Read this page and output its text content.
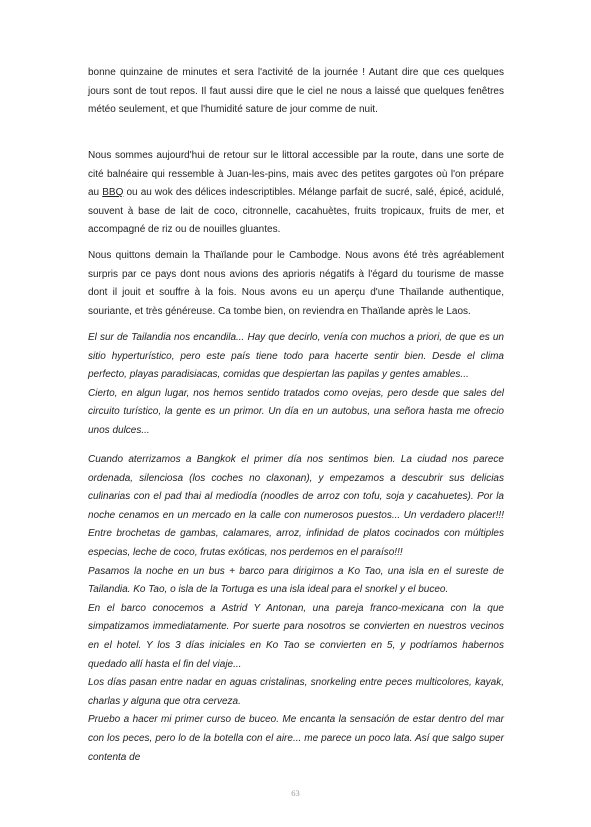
bonne quinzaine de minutes et sera l'activité de la journée ! Autant dire que ces quelques jours sont de tout repos. Il faut aussi dire que le ciel ne nous a laissé que quelques fenêtres météo seulement, et que l'humidité sature de jour comme de nuit.

Nous sommes aujourd'hui de retour sur le littoral accessible par la route, dans une sorte de cité balnéaire qui ressemble à Juan-les-pins, mais avec des petites gargotes où l'on prépare au BBQ ou au wok des délices indescriptibles. Mélange parfait de sucré, salé, épicé, acidulé, souvent à base de lait de coco, citronnelle, cacahuètes, fruits tropicaux, fruits de mer, et accompagné de riz ou de nouilles gluantes.

Nous quittons demain la Thaïlande pour le Cambodge. Nous avons été très agréablement surpris par ce pays dont nous avions des aprioris négatifs à l'égard du tourisme de masse dont il jouit et souffre à la fois. Nous avons eu un aperçu d'une Thaïlande authentique, souriante, et très généreuse. Ca tombe bien, on reviendra en Thaïlande après le Laos.

El sur de Tailandia nos encandila... Hay que decirlo, venía con muchos a priori, de que es un sitio hyperturístico, pero este país tiene todo para hacerte sentir bien. Desde el clima perfecto, playas paradisiacas, comidas que despiertan las papilas y gentes amables...

Cierto, en algun lugar, nos hemos sentido tratados como ovejas, pero desde que sales del circuito turístico, la gente es un primor. Un día en un autobus, una señora hasta me ofrecio unos dulces...

Cuando aterrizamos a Bangkok el primer día nos sentimos bien. La ciudad nos parece ordenada, silenciosa (los coches no claxonan), y empezamos a descubrir sus delicias culinarias con el pad thai al mediodía (noodles de arroz con tofu, soja y cacahuetes). Por la noche cenamos en un mercado en la calle con numerosos puestos... Un verdadero placer!!! Entre brochetas de gambas, calamares, arroz, infinidad de platos cocinados con múltiples especias, leche de coco, frutas exóticas, nos perdemos en el paraíso!!!

Pasamos la noche en un bus + barco para dirigirnos a Ko Tao, una isla en el sureste de Tailandia. Ko Tao, o isla de la Tortuga es una isla ideal para el snorkel y el buceo.

En el barco conocemos a Astrid Y Antonan, una pareja franco-mexicana con la que simpatizamos immediatamente. Por suerte para nosotros se convierten en nuestros vecinos en el hotel. Y los 3 días iniciales en Ko Tao se convierten en 5, y podríamos habernos quedado allí hasta el fin del viaje...

Los días pasan entre nadar en aguas cristalinas, snorkeling entre peces multicolores, kayak, charlas y alguna que otra cerveza.

Pruebo a hacer mi primer curso de buceo. Me encanta la sensación de estar dentro del mar con los peces, pero lo de la botella con el aire... me parece un poco lata. Así que salgo super contenta de

63
